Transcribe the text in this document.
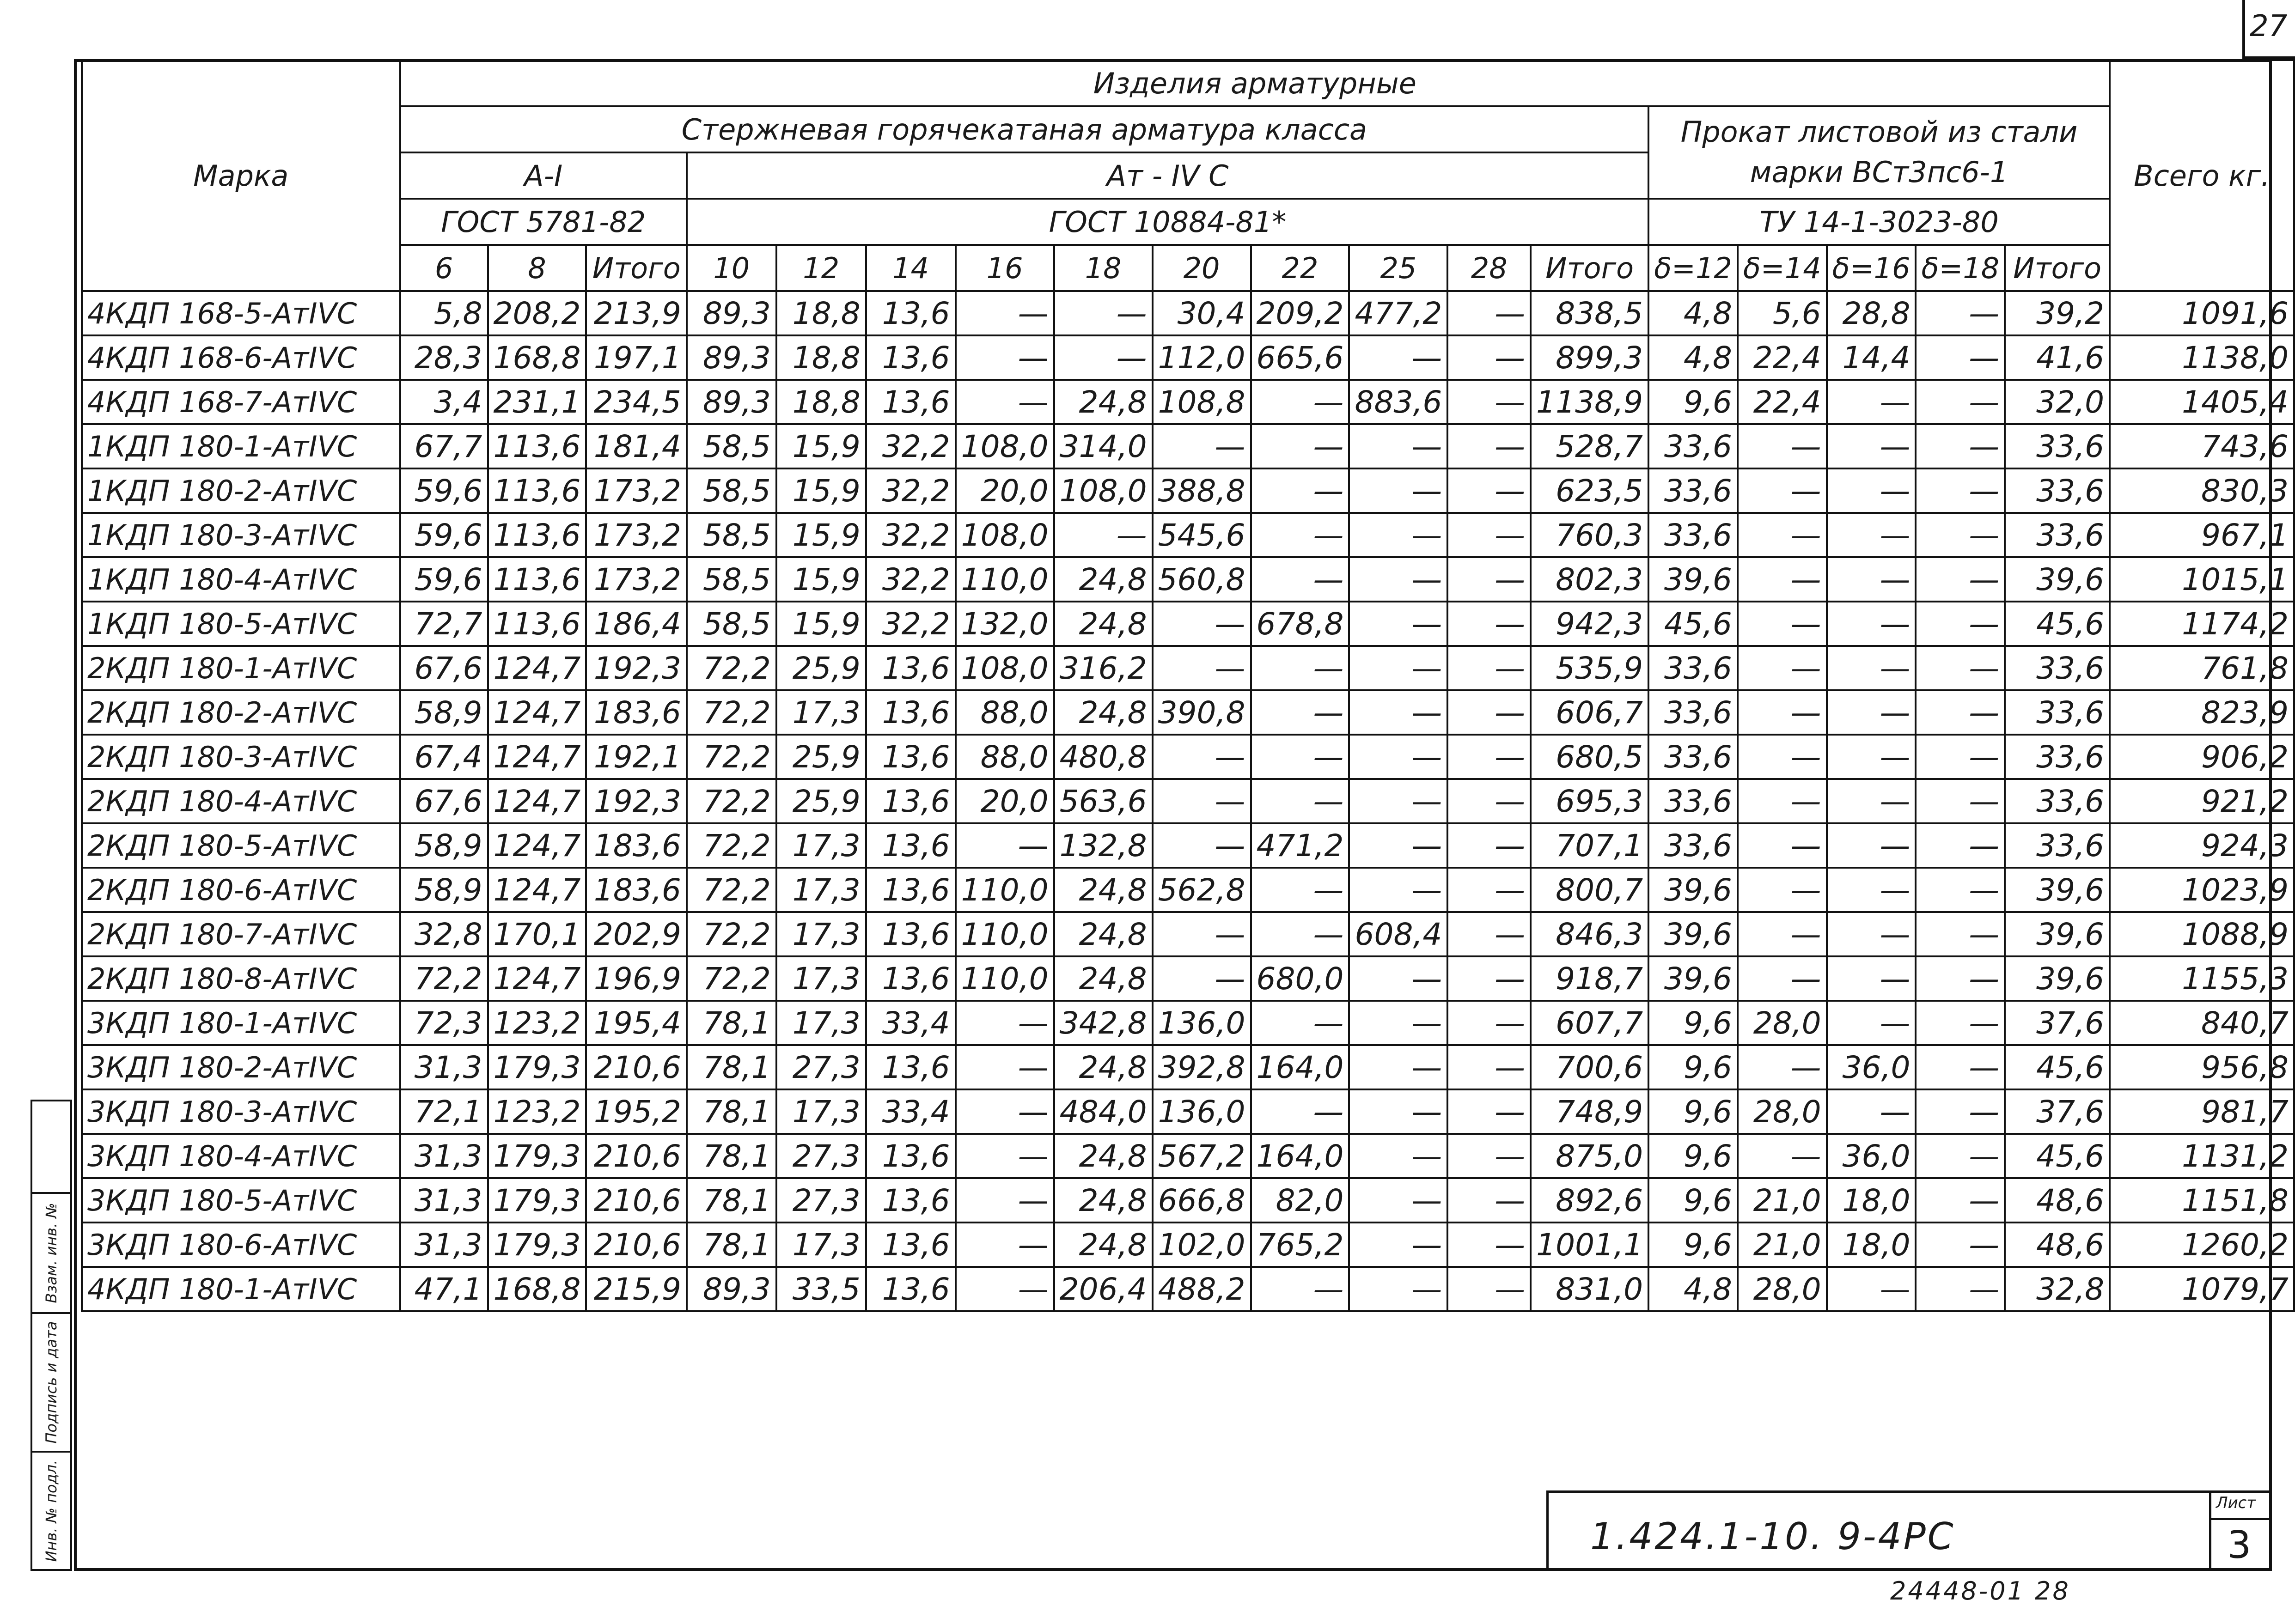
27
Марка	Изделия арматурные																		Всего кг.
	Стержневая горячекатаная арматура класса													Прокат листовой из стали марки ВСт3пс6-1					
	А-I			Ат - IV С															
	ГОСТ 5781-82			ГОСТ 10884-81*										ТУ 14-1-3023-80					
	6	8	Итого	10	12	14	16	18	20	22	25	28	Итого	δ=12	δ=14	δ=16	δ=18	Итого	
4КДП 168-5-АтIVС	5,8	208,2	213,9	89,3	18,8	13,6	—	—	30,4	209,2	477,2	—	838,5	4,8	5,6	28,8	—	39,2	1091,6
4КДП 168-6-АтIVС	28,3	168,8	197,1	89,3	18,8	13,6	—	—	112,0	665,6	—	—	899,3	4,8	22,4	14,4	—	41,6	1138,0
4КДП 168-7-АтIVС	3,4	231,1	234,5	89,3	18,8	13,6	—	24,8	108,8	—	883,6	—	1138,9	9,6	22,4	—	—	32,0	1405,4
1КДП 180-1-АтIVС	67,7	113,6	181,4	58,5	15,9	32,2	108,0	314,0	—	—	—	—	528,7	33,6	—	—	—	33,6	743,6
1КДП 180-2-АтIVС	59,6	113,6	173,2	58,5	15,9	32,2	20,0	108,0	388,8	—	—	—	623,5	33,6	—	—	—	33,6	830,3
1КДП 180-3-АтIVС	59,6	113,6	173,2	58,5	15,9	32,2	108,0	—	545,6	—	—	—	760,3	33,6	—	—	—	33,6	967,1
1КДП 180-4-АтIVС	59,6	113,6	173,2	58,5	15,9	32,2	110,0	24,8	560,8	—	—	—	802,3	39,6	—	—	—	39,6	1015,1
1КДП 180-5-АтIVС	72,7	113,6	186,4	58,5	15,9	32,2	132,0	24,8	—	678,8	—	—	942,3	45,6	—	—	—	45,6	1174,2
2КДП 180-1-АтIVС	67,6	124,7	192,3	72,2	25,9	13,6	108,0	316,2	—	—	—	—	535,9	33,6	—	—	—	33,6	761,8
2КДП 180-2-АтIVС	58,9	124,7	183,6	72,2	17,3	13,6	88,0	24,8	390,8	—	—	—	606,7	33,6	—	—	—	33,6	823,9
2КДП 180-3-АтIVС	67,4	124,7	192,1	72,2	25,9	13,6	88,0	480,8	—	—	—	—	680,5	33,6	—	—	—	33,6	906,2
2КДП 180-4-АтIVС	67,6	124,7	192,3	72,2	25,9	13,6	20,0	563,6	—	—	—	—	695,3	33,6	—	—	—	33,6	921,2
2КДП 180-5-АтIVС	58,9	124,7	183,6	72,2	17,3	13,6	—	132,8	—	471,2	—	—	707,1	33,6	—	—	—	33,6	924,3
2КДП 180-6-АтIVС	58,9	124,7	183,6	72,2	17,3	13,6	110,0	24,8	562,8	—	—	—	800,7	39,6	—	—	—	39,6	1023,9
2КДП 180-7-АтIVС	32,8	170,1	202,9	72,2	17,3	13,6	110,0	24,8	—	—	608,4	—	846,3	39,6	—	—	—	39,6	1088,9
2КДП 180-8-АтIVС	72,2	124,7	196,9	72,2	17,3	13,6	110,0	24,8	—	680,0	—	—	918,7	39,6	—	—	—	39,6	1155,3
3КДП 180-1-АтIVС	72,3	123,2	195,4	78,1	17,3	33,4	—	342,8	136,0	—	—	—	607,7	9,6	28,0	—	—	37,6	840,7
3КДП 180-2-АтIVС	31,3	179,3	210,6	78,1	27,3	13,6	—	24,8	392,8	164,0	—	—	700,6	9,6	—	36,0	—	45,6	956,8
3КДП 180-3-АтIVС	72,1	123,2	195,2	78,1	17,3	33,4	—	484,0	136,0	—	—	—	748,9	9,6	28,0	—	—	37,6	981,7
3КДП 180-4-АтIVС	31,3	179,3	210,6	78,1	27,3	13,6	—	24,8	567,2	164,0	—	—	875,0	9,6	—	36,0	—	45,6	1131,2
3КДП 180-5-АтIVС	31,3	179,3	210,6	78,1	27,3	13,6	—	24,8	666,8	82,0	—	—	892,6	9,6	21,0	18,0	—	48,6	1151,8
3КДП 180-6-АтIVС	31,3	179,3	210,6	78,1	17,3	13,6	—	24,8	102,0	765,2	—	—	1001,1	9,6	21,0	18,0	—	48,6	1260,2
4КДП 180-1-АтIVС	47,1	168,8	215,9	89,3	33,5	13,6	—	206,4	488,2	—	—	—	831,0	4,8	28,0	—	—	32,8	1079,7
Взам. инв. №
Подпись и дата
Инв. № подл.	1.424.1-10. 9-4РС
Лист
3
24448-01 28
